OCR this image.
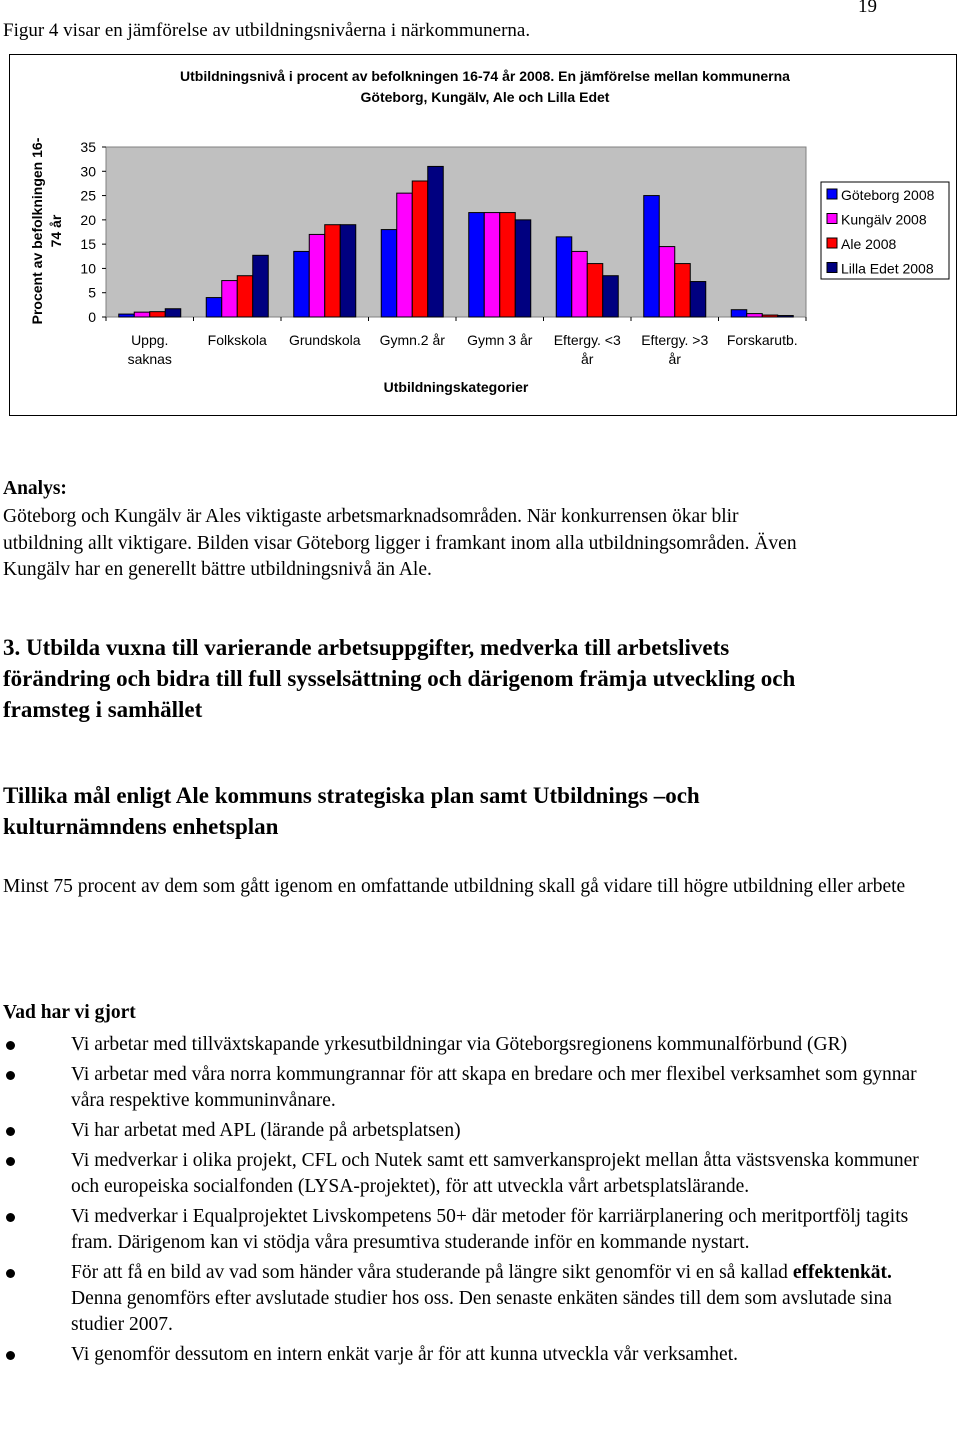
19
Figur 4 visar en jämförelse av utbildningsnivåerna i närkommunerna.
Utbildningsnivå i procent av befolkningen 16-74 år 2008. En jämförelse mellan kommunerna
Göteborg, Kungälv, Ale och Lilla Edet
0
5
10
15
20
25
30
35
Procent av befolkningen 16- 74 år
Uppg.
saknas
Folkskola Grundskola Gymn.2 år Gymn 3 år Eftergy. <3
år
Eftergy. >3
år
Forskarutb.
Utbildningskategorier
Göteborg 2008
Kungälv 2008
Ale 2008
Lilla Edet 2008
Analys:
Göteborg och Kungälv är Ales viktigaste arbetsmarknadsområden. När konkurrensen ökar blir
utbildning allt viktigare. Bilden visar Göteborg ligger i framkant inom alla utbildningsområden. Även
Kungälv har en generellt bättre utbildningsnivå än Ale.
3. Utbilda vuxna till varierande arbetsuppgifter, medverka till arbetslivets
förändring och bidra till full sysselsättning och därigenom främja utveckling och
framsteg i samhället
Tillika mål enligt Ale kommuns strategiska plan samt Utbildnings –och
kulturnämndens enhetsplan
Minst 75 procent av dem som gått igenom en omfattande utbildning skall gå vidare till högre utbildning eller arbete
Vad har vi gjort
Vi arbetar med tillväxtskapande yrkesutbildningar via Göteborgsregionens kommunalförbund (GR)
Vi arbetar med våra norra kommungrannar för att skapa en bredare och mer flexibel verksamhet som gynnar våra respektive kommuninvånare.
Vi har arbetat med APL (lärande på arbetsplatsen)
Vi medverkar i olika projekt, CFL och Nutek samt ett samverkansprojekt mellan åtta västsvenska kommuner och europeiska socialfonden (LYSA-projektet), för att utveckla vårt arbetsplatslärande.
Vi medverkar i Equalprojektet Livskompetens 50+ där metoder för karriärplanering och meritportfölj tagits fram. Därigenom kan vi stödja våra presumtiva studerande inför en kommande nystart.
För att få en bild av vad som händer våra studerande på längre sikt genomför vi en så kallad effektenkät. Denna genomförs efter avslutade studier hos oss. Den senaste enkäten sändes till dem som avslutade sina studier 2007.
Vi genomför dessutom en intern enkät varje år för att kunna utveckla vår verksamhet.
